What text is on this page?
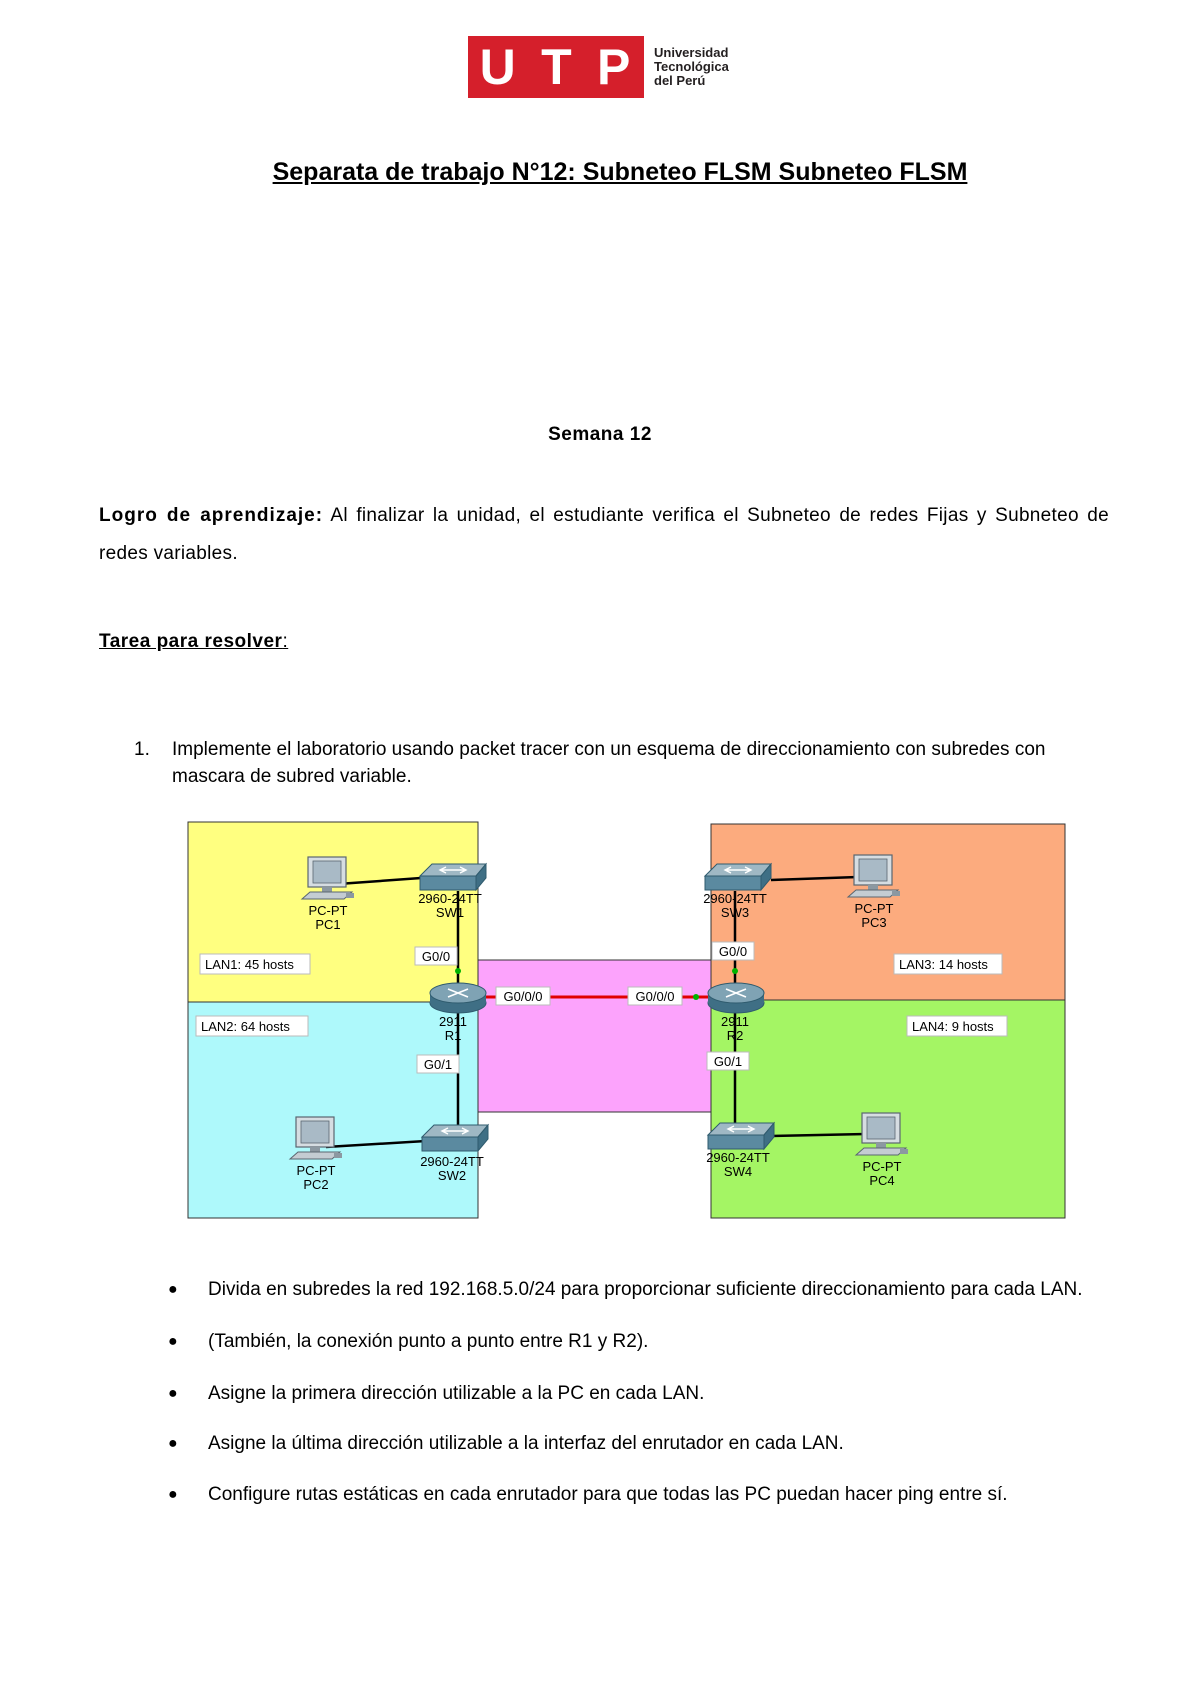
U T P Universidad
Tecnológica
del Perú
Separata de trabajo N°12: Subneteo FLSM Subneteo FLSM
Semana 12
Logro de aprendizaje: Al finalizar la unidad, el estudiante verifica el Subneteo de redes Fijas y Subneteo de redes variables.
Tarea para resolver:
1. Implemente el laboratorio usando packet tracer con un esquema de direccionamiento con subredes con mascara de subred variable.
G0/0
G0/1
G0/0/0	G0/0/0
G0/0
G0/1
LAN1: 45 hosts
LAN2: 64 hosts
LAN3: 14 hosts
LAN4: 9 hosts
PC-PT
PC1
PC-PT
PC2
PC-PT
PC3
PC-PT
PC4
2960-24TT
SW1
2960-24TT
SW2
2960-24TT
SW3
2960-24TT
SW4
2911
R1
2911
R2
● Divida en subredes la red 192.168.5.0/24 para proporcionar suficiente direccionamiento para cada LAN.
● (También, la conexión punto a punto entre R1 y R2).
● Asigne la primera dirección utilizable a la PC en cada LAN.
● Asigne la última dirección utilizable a la interfaz del enrutador en cada LAN.
● Configure rutas estáticas en cada enrutador para que todas las PC puedan hacer ping entre sí.
